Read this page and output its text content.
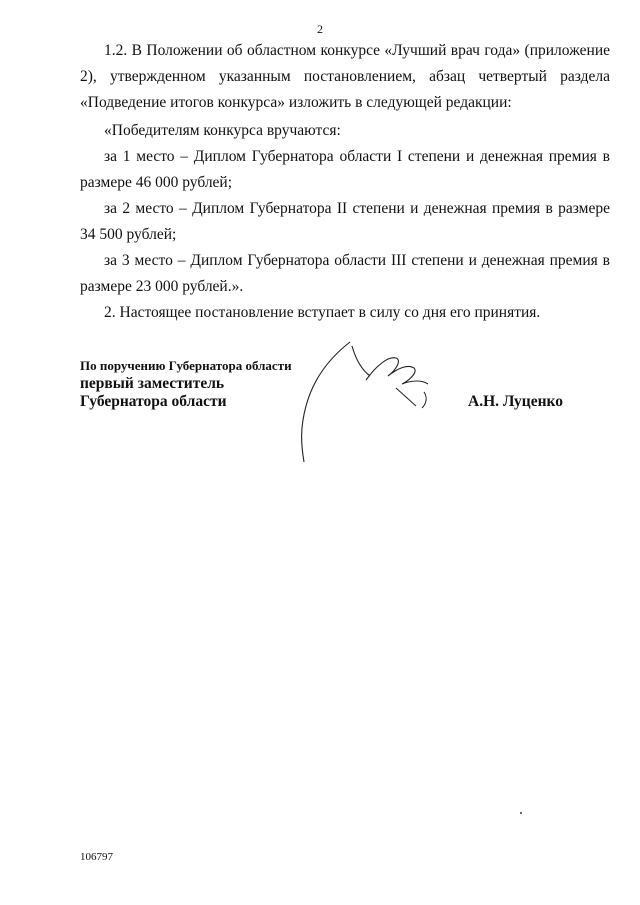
2
1.2. В Положении об областном конкурсе «Лучший врач года» (приложение 2), утвержденном указанным постановлением, абзац четвертый раздела «Подведение итогов конкурса» изложить в следующей редакции:
«Победителям конкурса вручаются:
за 1 место – Диплом Губернатора области I степени и денежная премия в размере 46 000 рублей;
за 2 место – Диплом Губернатора II степени и денежная премия в размере 34 500 рублей;
за 3 место – Диплом Губернатора области III степени и денежная премия в размере 23 000 рублей.».
2. Настоящее постановление вступает в силу со дня его принятия.
По поручению Губернатора области
первый заместитель
Губернатора области	А.Н. Луценко
106797
